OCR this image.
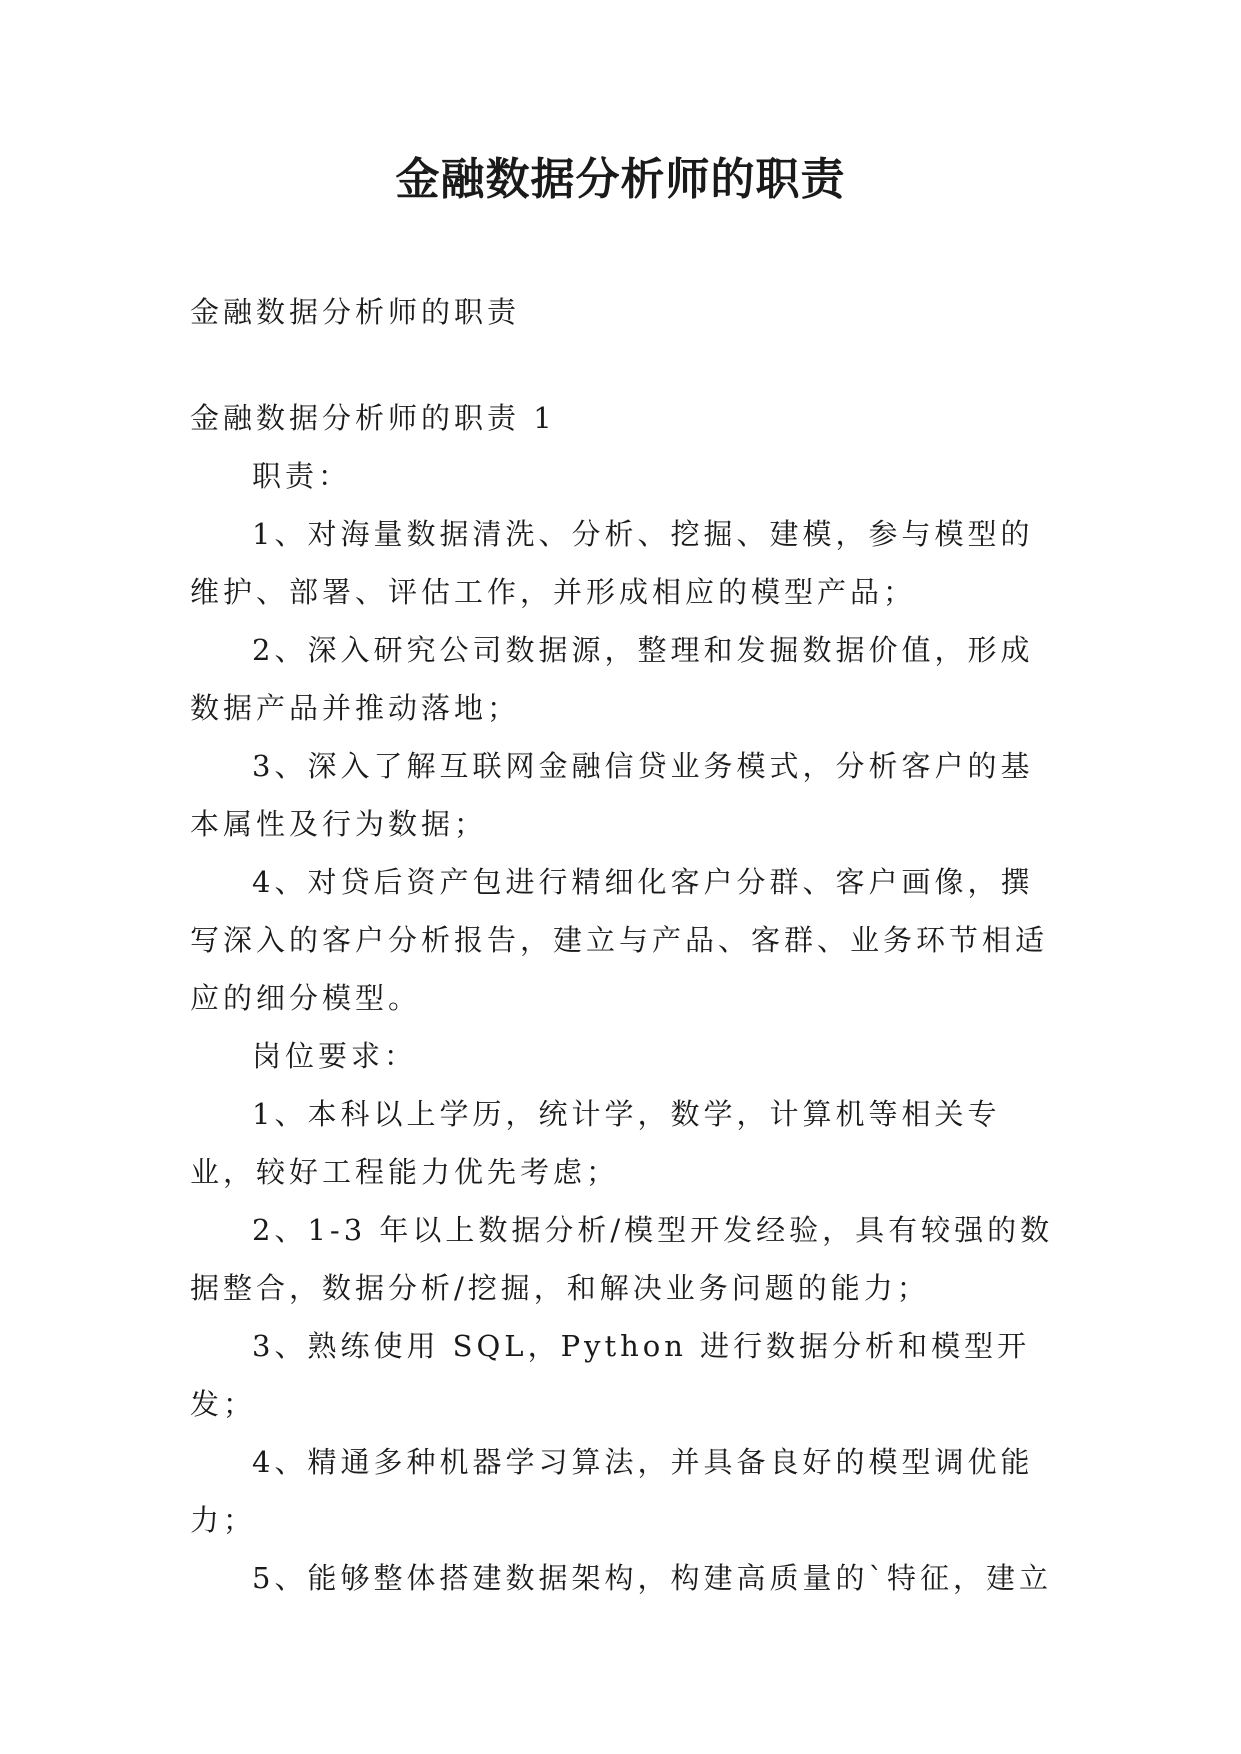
金融数据分析师的职责

金融数据分析师的职责

金融数据分析师的职责 1

职责：

1、对海量数据清洗、分析、挖掘、建模，参与模型的维护、部署、评估工作，并形成相应的模型产品；

2、深入研究公司数据源，整理和发掘数据价值，形成数据产品并推动落地；

3、深入了解互联网金融信贷业务模式，分析客户的基本属性及行为数据；

4、对贷后资产包进行精细化客户分群、客户画像，撰写深入的客户分析报告，建立与产品、客群、业务环节相适应的细分模型。

岗位要求：

1、本科以上学历，统计学，数学，计算机等相关专业，较好工程能力优先考虑；

2、1-3 年以上数据分析/模型开发经验，具有较强的数据整合，数据分析/挖掘，和解决业务问题的能力；

3、熟练使用 SQL，Python 进行数据分析和模型开发；

4、精通多种机器学习算法，并具备良好的模型调优能力；

5、能够整体搭建数据架构，构建高质量的`特征，建立
